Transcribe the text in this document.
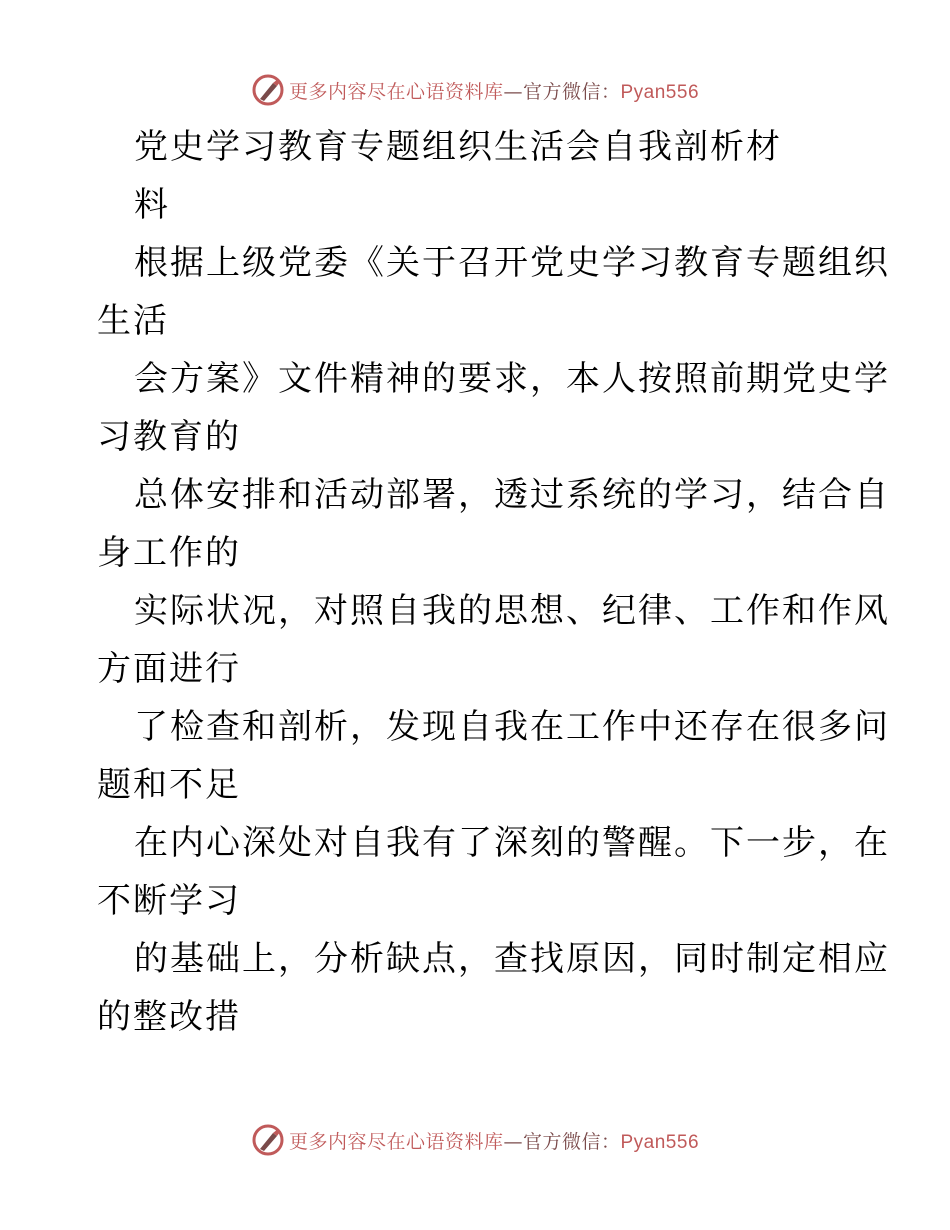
更多内容尽在心语资料库—官方微信：Pyan556
党史学习教育专题组织生活会自我剖析材
料
根据上级党委《关于召开党史学习教育专题组织
生活
会方案》文件精神的要求，本人按照前期党史学
习教育的
总体安排和活动部署，透过系统的学习，结合自
身工作的
实际状况，对照自我的思想、纪律、工作和作风
方面进行
了检查和剖析，发现自我在工作中还存在很多问
题和不足
在内心深处对自我有了深刻的警醒。下一步，在
不断学习
的基础上，分析缺点，查找原因，同时制定相应
的整改措
更多内容尽在心语资料库—官方微信：Pyan556
